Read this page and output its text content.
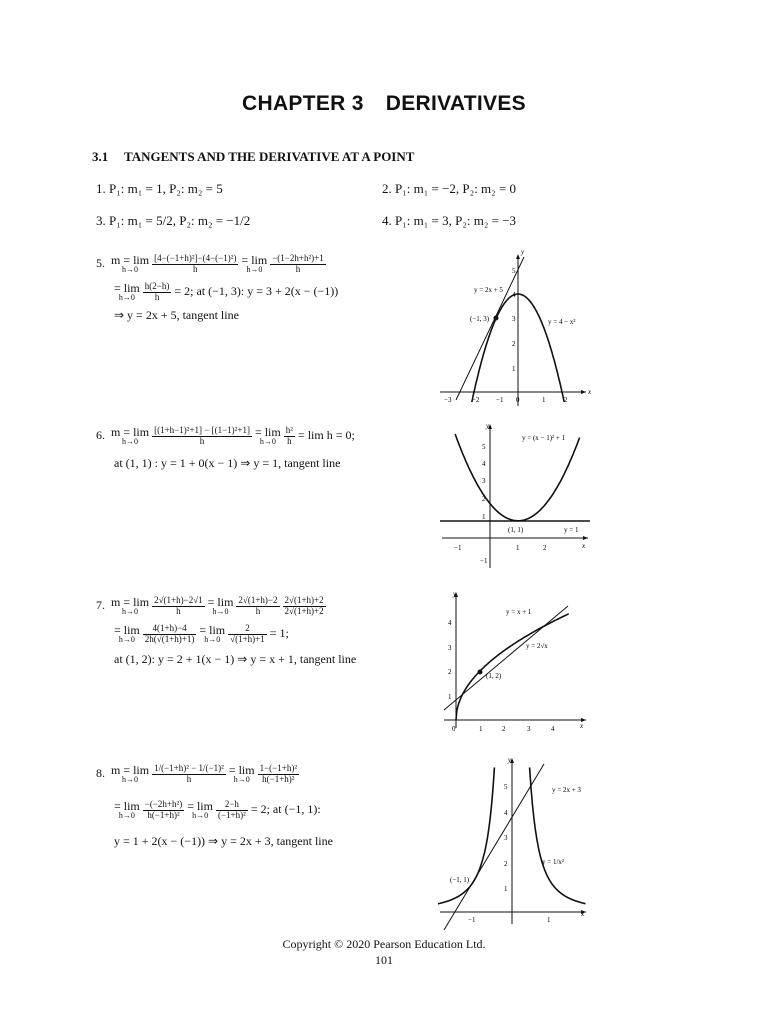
CHAPTER 3 DERIVATIVES
3.1 TANGENTS AND THE DERIVATIVE AT A POINT
1. P₁: m₁ = 1, P₂: m₂ = 5	2. P₁: m₁ = −2, P₂: m₂ = 0
3. P₁: m₁ = 5/2, P₂: m₂ = −1/2	4. P₁: m₁ = 3, P₂: m₂ = −3
5. m = lim
h→0
	$\frac{\text{[4−(−1+h)²]−(4−(−1)²)}}{h}$
= lim
h→0
$\frac{\text{−(1−2h+h²)+1}}{h}$
= lim
h→0
$\frac{h(2-h)}{h} = 2$; at (−1, 3): y = 3 + 2(x − (−1))
⇒ y = 2x + 5, tangent line
6. m = lim
h→0
	$\frac{\text{[(1+h−1)²+1] − [(1−1)²+1]}}{h}$
= lim
h→0
$\frac{\text{h²}}{h} = \lim h = 0$;
at (1, 1) : y = 1 + 0(x − 1) ⇒ y = 1, tangent line
7. m = lim
h→0
	$\frac{2√(1+h)-2√1}{h}$
= lim
h→0
$\frac{2√(1+h)-2}{h}$
$\frac{2√(1+h)+2}{2√(1+h)+2}$
= lim
h→0
$\frac{4(1+h)-4}{2h(√(1+h)+1)}$
= lim
h→0
$\frac{2}{√(1+h)+1} = 1$;
at (1, 2): y = 2 + 1(x − 1) ⇒ y = x + 1, tangent line
8. m = lim
h→0
	$\frac{\text{1/(−1+h)² − 1/(−1)²}}{h}$
= lim
h→0
$\frac{\text{1−(−1+h)²}}{\text{h(−1+h)²}}$
= lim
h→0
$\frac{\text{−(−2h+h²)}}{\text{h(−1+h)²}}$
= lim
h→0
$\frac{2-h}{\text{(−1+h)²}} = 2$; at (−1, 1):
y = 1 + 2(x − (−1)) ⇒ y = 2x + 3, tangent line
x
y
−3	−2 −1 0	1	2
1
2
3
4
5
y = 2x + 5
y = 4 − x²
(−1, 3)
x
y
−1	1	2
1
2
3
4
5
−1
y = (x − 1)² + 1
y = 1
(1, 1)
x
y
0	1	2	3	4
1
2
3
4
y = x + 1
y = 2√x
(1, 2)
x
y
−1	1
1
2
3
4
5	y = 2x + 3
y = 1/x²
(−1, 1)
Copyright © 2020 Pearson Education Ltd.
101
